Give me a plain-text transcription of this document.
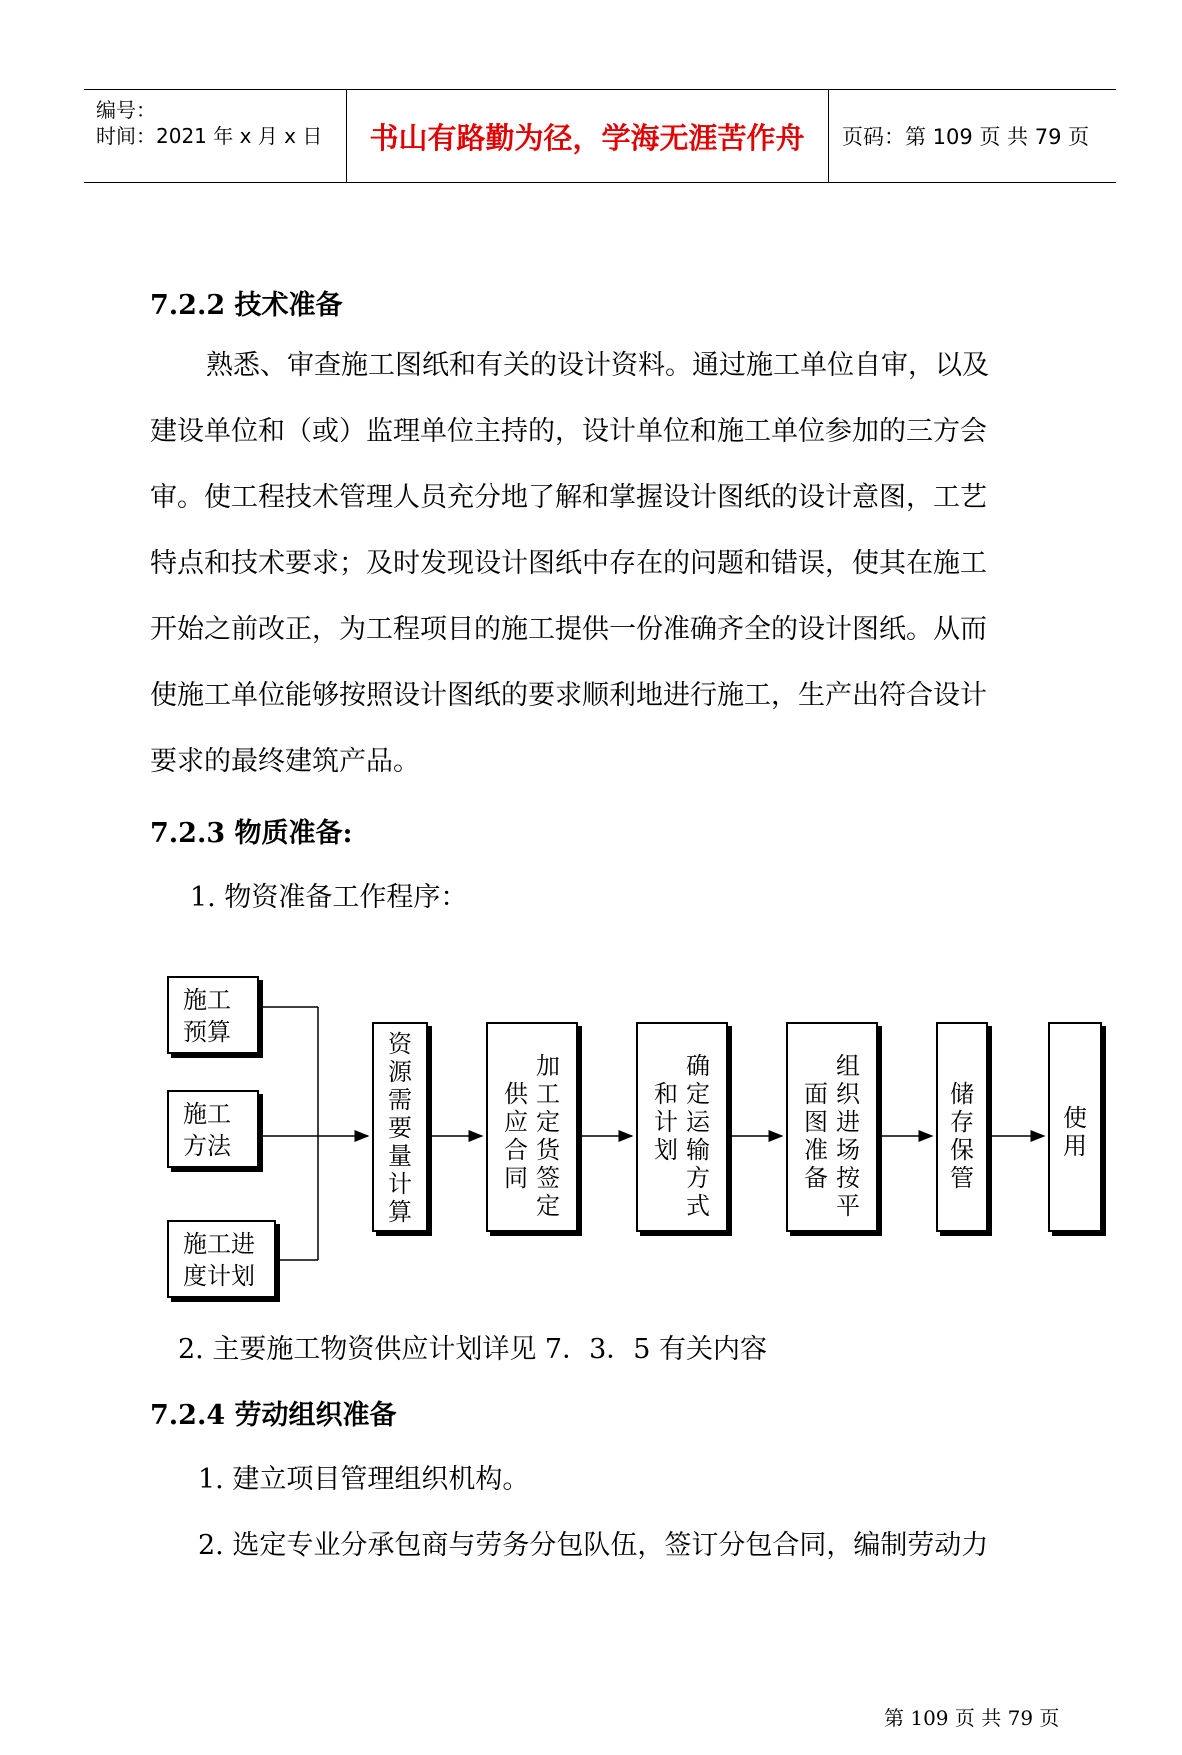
编号：
时间：2021 年 x 月 x 日	书山有路勤为径，学海无涯苦作舟	页码：第 109 页 共 79 页
7.2.2 技术准备
熟悉、审查施工图纸和有关的设计资料。通过施工单位自审，以及
建设单位和（或）监理单位主持的，设计单位和施工单位参加的三方会
审。使工程技术管理人员充分地了解和掌握设计图纸的设计意图，工艺
特点和技术要求；及时发现设计图纸中存在的问题和错误，使其在施工
开始之前改正，为工程项目的施工提供一份准确齐全的设计图纸。从而
使施工单位能够按照设计图纸的要求顺利地进行施工，生产出符合设计
要求的最终建筑产品。
7.2.3 物质准备:
1. 物资准备工作程序：
施工
预算
施工
方法
施工进
度计划
资源需要量计算
加工定货签定
供应合同
确定运输方式
和计划
组织进场按平
面图准备
储存保管
使用
2. 主要施工物资供应计划详见 7．3．5 有关内容
7.2.4 劳动组织准备
1. 建立项目管理组织机构。
2. 选定专业分承包商与劳务分包队伍，签订分包合同，编制劳动力
第 109 页 共 79 页
